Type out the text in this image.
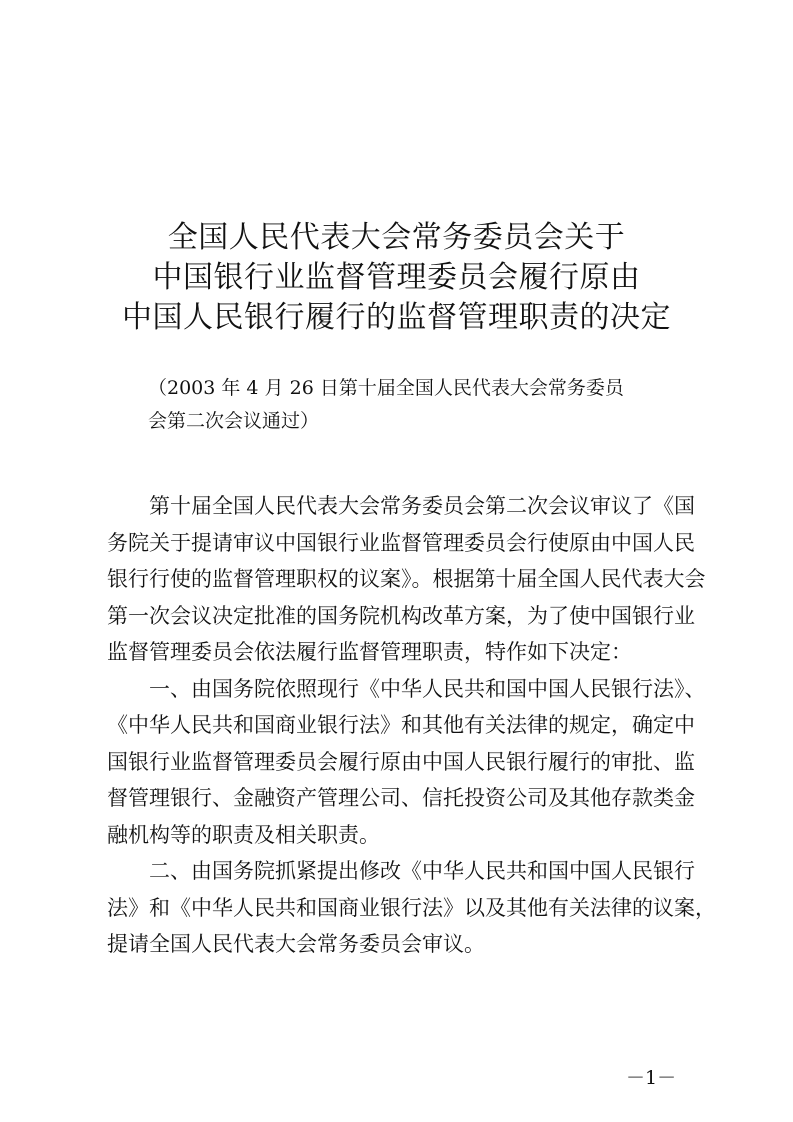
全国人民代表大会常务委员会关于
中国银行业监督管理委员会履行原由
中国人民银行履行的监督管理职责的决定
（2003 年 4 月 26 日第十届全国人民代表大会常务委员
会第二次会议通过）
第十届全国人民代表大会常务委员会第二次会议审议了《国
务院关于提请审议中国银行业监督管理委员会行使原由中国人民
银行行使的监督管理职权的议案》。根据第十届全国人民代表大会
第一次会议决定批准的国务院机构改革方案，为了使中国银行业
监督管理委员会依法履行监督管理职责，特作如下决定：
一、由国务院依照现行《中华人民共和国中国人民银行法》、
《中华人民共和国商业银行法》和其他有关法律的规定，确定中
国银行业监督管理委员会履行原由中国人民银行履行的审批、监
督管理银行、金融资产管理公司、信托投资公司及其他存款类金
融机构等的职责及相关职责。
二、由国务院抓紧提出修改《中华人民共和国中国人民银行
法》和《中华人民共和国商业银行法》以及其他有关法律的议案，
提请全国人民代表大会常务委员会审议。
－1－
